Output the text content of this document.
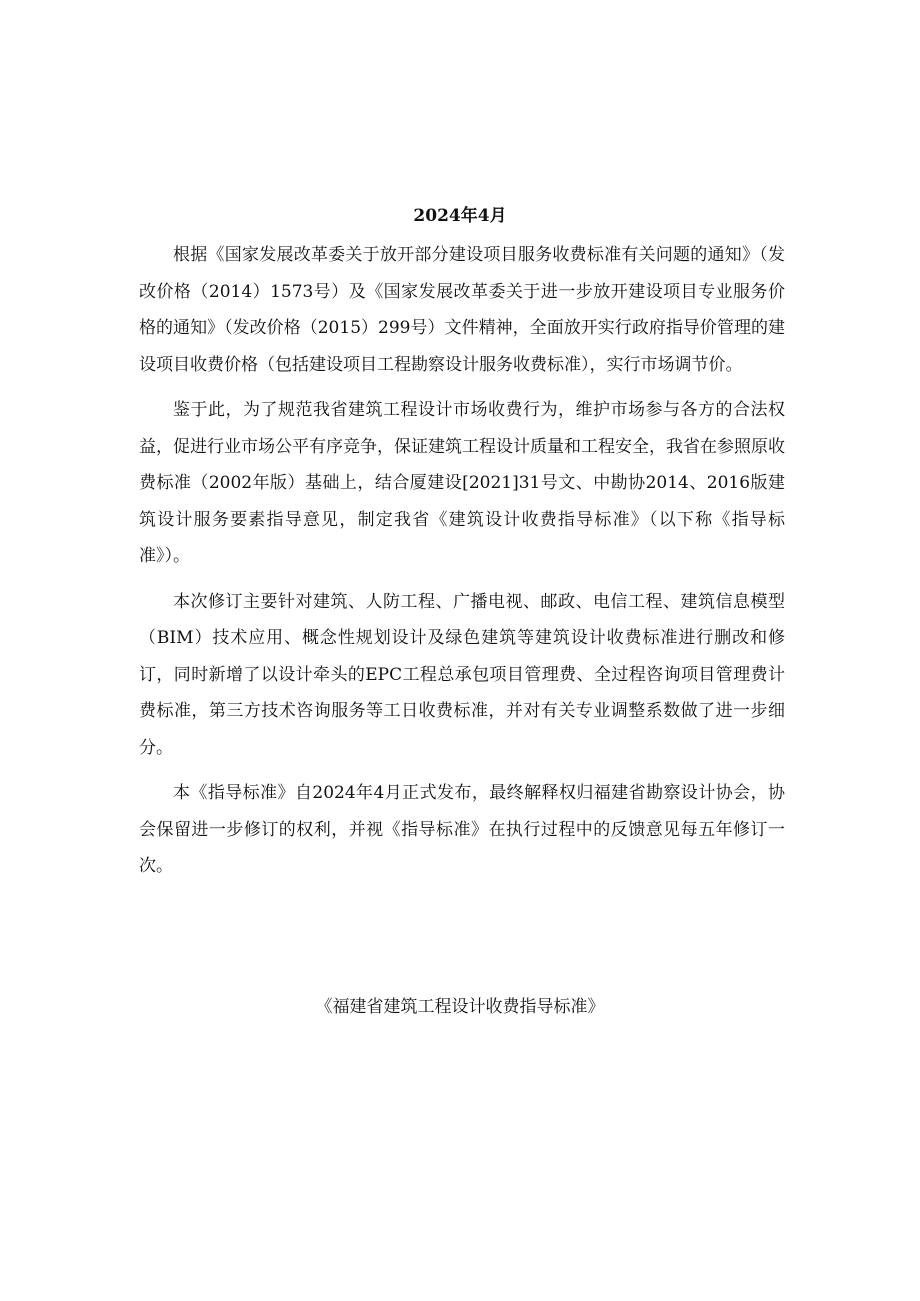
2024年4月

根据《国家发展改革委关于放开部分建设项目服务收费标准有关问题的通知》（发改价格（2014）1573号）及《国家发展改革委关于进一步放开建设项目专业服务价格的通知》（发改价格（2015）299号）文件精神，全面放开实行政府指导价管理的建设项目收费价格（包括建设项目工程勘察设计服务收费标准），实行市场调节价。

鉴于此，为了规范我省建筑工程设计市场收费行为，维护市场参与各方的合法权益，促进行业市场公平有序竞争，保证建筑工程设计质量和工程安全，我省在参照原收费标准（2002年版）基础上，结合厦建设[2021]31号文、中勘协2014、2016版建筑设计服务要素指导意见，制定我省《建筑设计收费指导标准》（以下称《指导标准》）。

本次修订主要针对建筑、人防工程、广播电视、邮政、电信工程、建筑信息模型（BIM）技术应用、概念性规划设计及绿色建筑等建筑设计收费标准进行删改和修订，同时新增了以设计牵头的EPC工程总承包项目管理费、全过程咨询项目管理费计费标准，第三方技术咨询服务等工日收费标准，并对有关专业调整系数做了进一步细分。

本《指导标准》自2024年4月正式发布，最终解释权归福建省勘察设计协会，协会保留进一步修订的权利，并视《指导标准》在执行过程中的反馈意见每五年修订一次。

《福建省建筑工程设计收费指导标准》
